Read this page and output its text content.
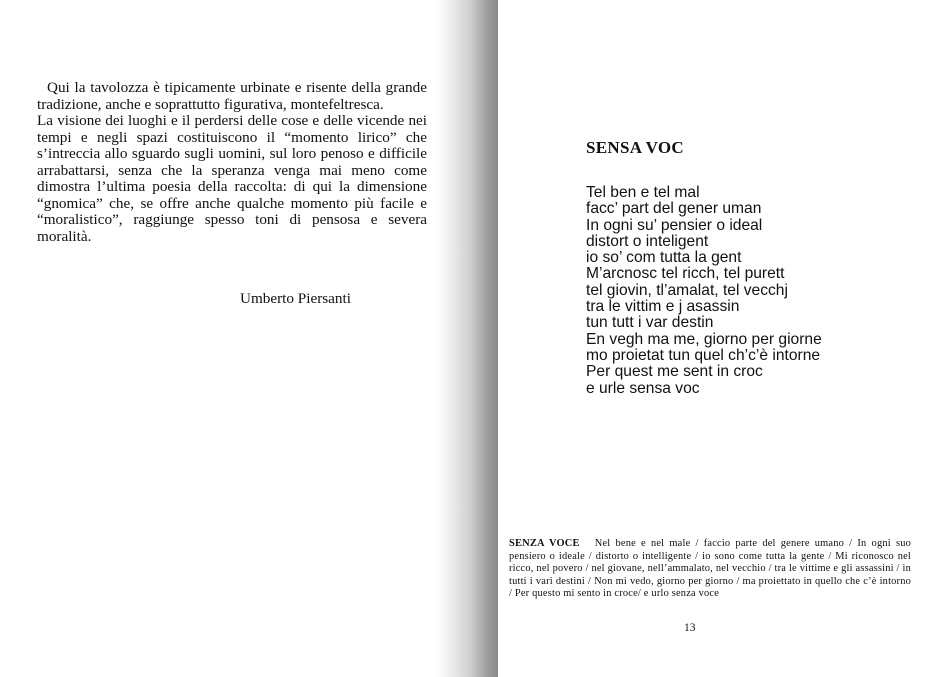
Qui la tavolozza è tipicamente urbinate e risente della grande tradizione, anche e soprattutto figurativa, montefeltresca.

La visione dei luoghi e il perdersi delle cose e delle vicende nei tempi e negli spazi costituiscono il “momento lirico” che s’intreccia allo sguardo sugli uomini, sul loro penoso e difficile arrabattarsi, senza che la speranza venga mai meno come dimostra l’ultima poesia della raccolta: di qui la dimensione “gnomica” che, se offre anche qualche momento più facile e “moralistico”, raggiunge spesso toni di pensosa e severa moralità.

Umberto Piersanti
SENSA VOC
Tel ben e tel mal
facc’ part del gener uman
In ogni su’ pensier o ideal
distort o inteligent
io so’ com tutta la gent
M’arcnosc tel ricch, tel purett
tel giovin, tl’amalat, tel vecchj
tra le vittim e j asassin
tun tutt i var destin
En vegh ma me, giorno per giorne
mo proietat tun quel ch’c’è intorne
Per quest me sent in croc
e urle sensa voc
SENZA VOCE Nel bene e nel male / faccio parte del genere umano / In ogni suo pensiero o ideale / distorto o intelligente / io sono come tutta la gente / Mi riconosco nel ricco, nel povero / nel giovane, nell’ammalato, nel vecchio / tra le vittime e gli assassini / in tutti i vari destini / Non mi vedo, giorno per giorno / ma proiettato in quello che c’è intorno / Per questo mi sento in croce/ e urlo senza voce
13
